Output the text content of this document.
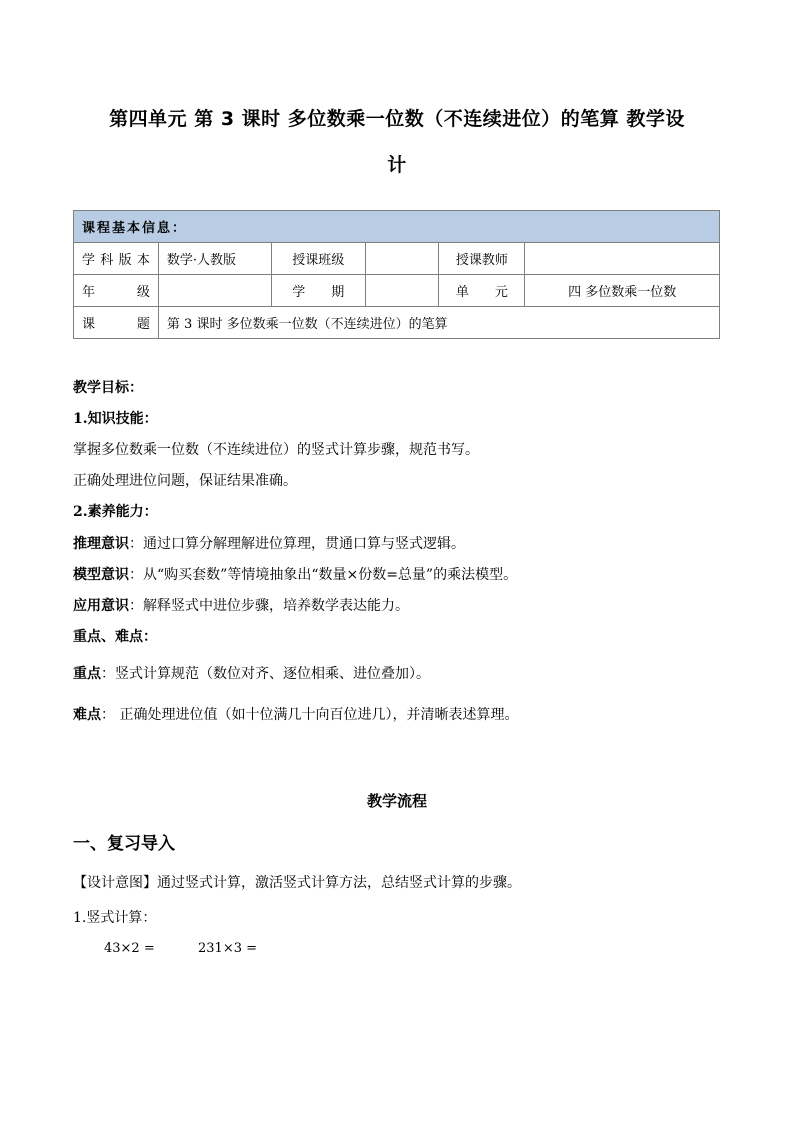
第四单元 第 3 课时 多位数乘一位数（不连续进位）的笔算 教学设
计
课程基本信息：					
学科版本	数学·人教版	授课班级		授课教师	
年　　级		学　　期		单　　元	四 多位数乘一位数
课　　题	第 3 课时 多位数乘一位数（不连续进位）的笔算				
教学目标：
1.知识技能：
掌握多位数乘一位数（不连续进位）的竖式计算步骤，规范书写。
正确处理进位问题，保证结果准确。
2.素养能力：
推理意识：通过口算分解理解进位算理，贯通口算与竖式逻辑。
模型意识：从“购买套数”等情境抽象出“数量×份数=总量”的乘法模型。
应用意识：解释竖式中进位步骤，培养数学表达能力。
重点、难点：
重点：竖式计算规范（数位对齐、逐位相乘、进位叠加）。
难点： 正确处理进位值（如十位满几十向百位进几），并清晰表述算理。
教学流程
一、复习导入
【设计意图】通过竖式计算，激活竖式计算方法，总结竖式计算的步骤。
1.竖式计算：
43×2 =	231×3 =
